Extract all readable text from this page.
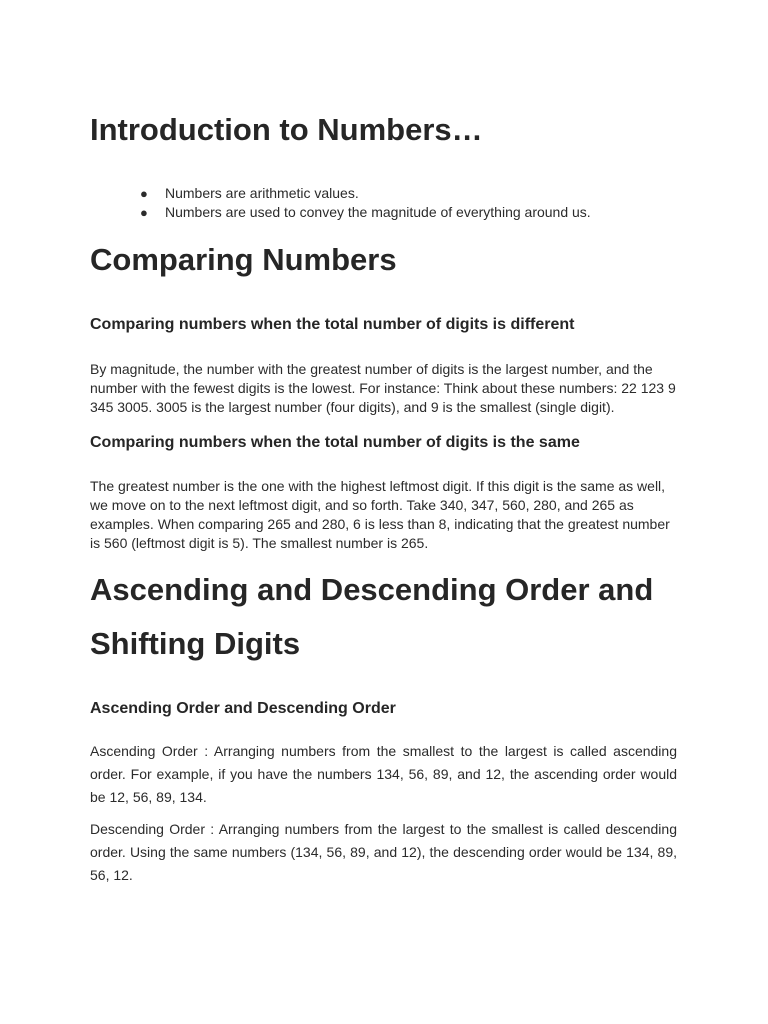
Introduction to Numbers…
● Numbers are arithmetic values.
● Numbers are used to convey the magnitude of everything around us.
Comparing Numbers
Comparing numbers when the total number of digits is different

By magnitude, the number with the greatest number of digits is the largest number, and the number with the fewest digits is the lowest. For instance: Think about these numbers: 22 123 9 345 3005. 3005 is the largest number (four digits), and 9 is the smallest (single digit).

Comparing numbers when the total number of digits is the same

The greatest number is the one with the highest leftmost digit. If this digit is the same as well, we move on to the next leftmost digit, and so forth. Take 340, 347, 560, 280, and 265 as examples. When comparing 265 and 280, 6 is less than 8, indicating that the greatest number is 560 (leftmost digit is 5). The smallest number is 265.

Ascending and Descending Order and Shifting Digits
Ascending Order and Descending Order

Ascending Order : Arranging numbers from the smallest to the largest is called ascending order. For example, if you have the numbers 134, 56, 89, and 12, the ascending order would be 12, 56, 89, 134.

Descending Order : Arranging numbers from the largest to the smallest is called descending order. Using the same numbers (134, 56, 89, and 12), the descending order would be 134, 89, 56, 12.
